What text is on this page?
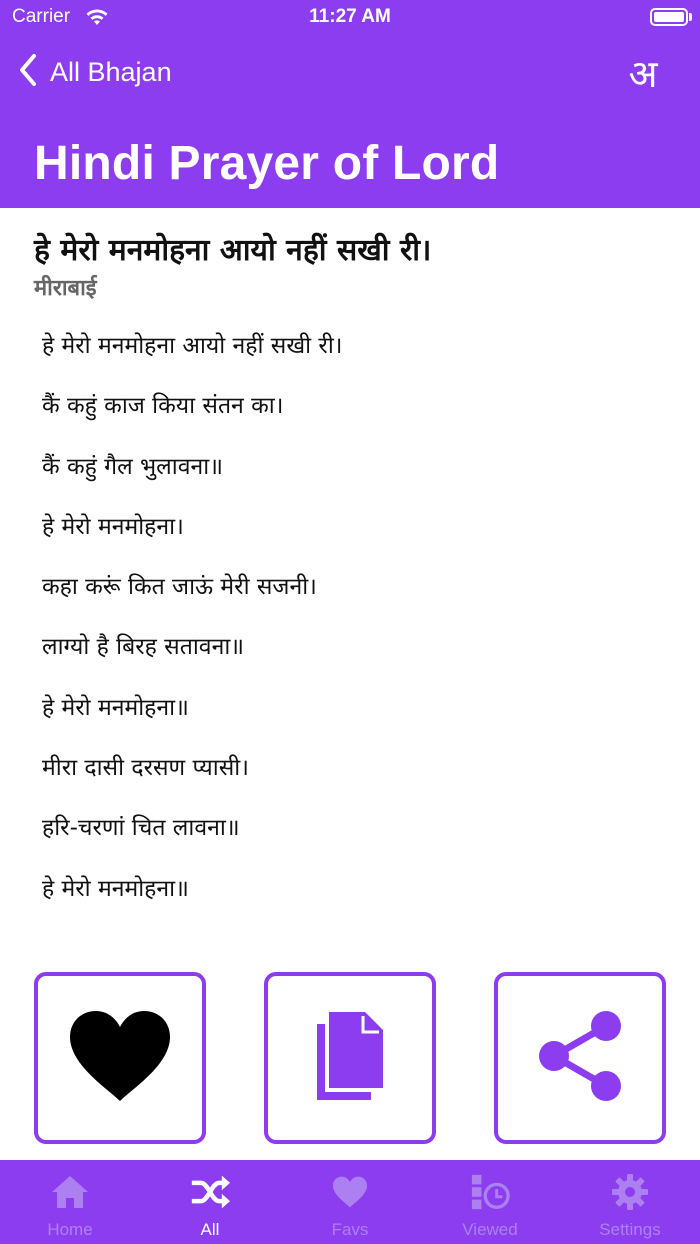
Carrier	11:27 AM
All Bhajan	अ
Hindi Prayer of Lord
हे मेरो मनमोहना आयो नहीं सखी री।
मीराबाई
हे मेरो मनमोहना आयो नहीं सखी री।
कैं कहुं काज किया संतन का।
कैं कहुं गैल भुलावना॥
हे मेरो मनमोहना।
कहा करूं कित जाऊं मेरी सजनी।
लाग्यो है बिरह सतावना॥
हे मेरो मनमोहना॥
मीरा दासी दरसण प्यासी।
हरि-चरणां चित लावना॥
हे मेरो मनमोहना॥
Home	All	Favs	Viewed	Settings
